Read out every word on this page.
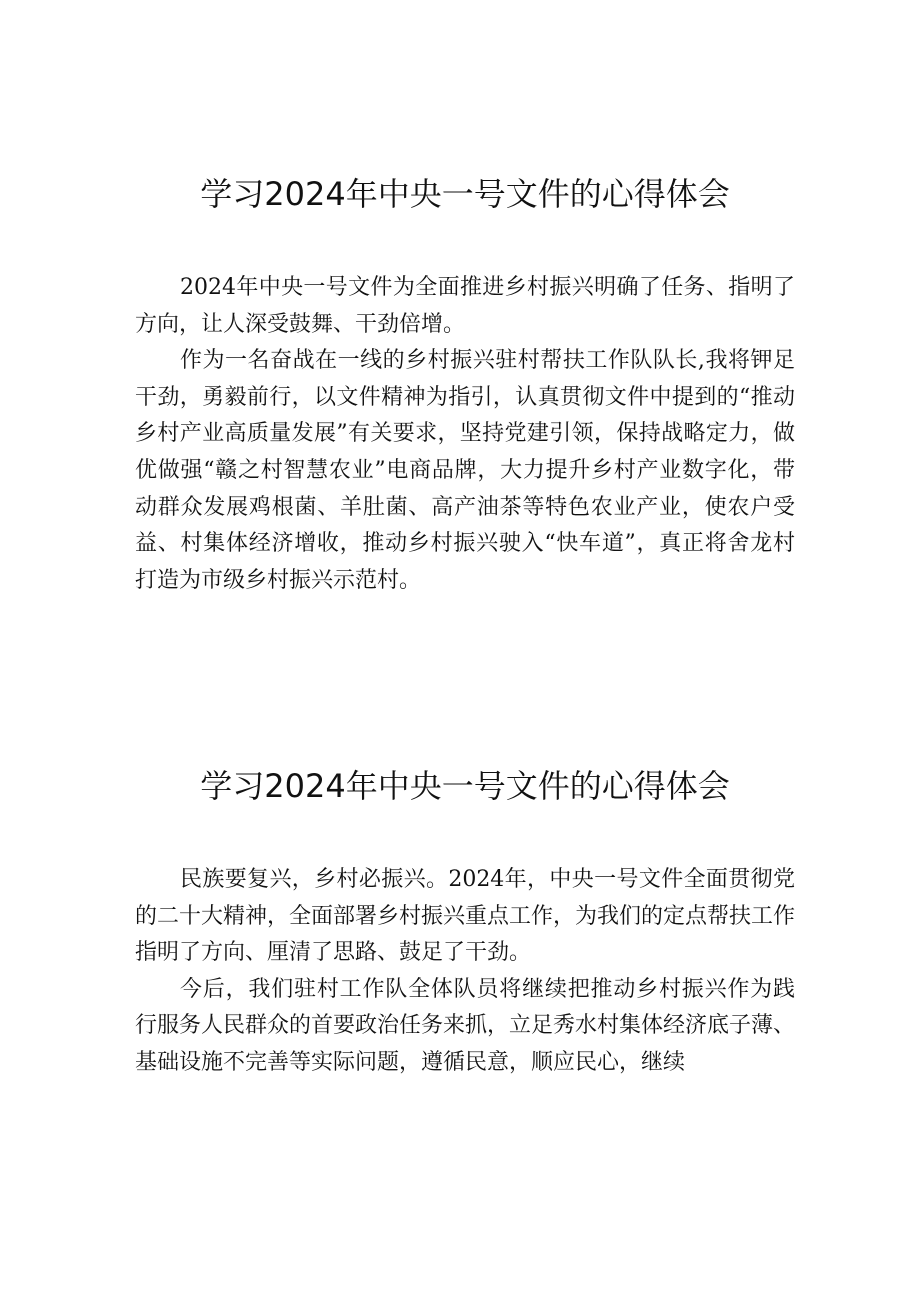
学习2024年中央一号文件的心得体会

2024年中央一号文件为全面推进乡村振兴明确了任务、指明了方向，让人深受鼓舞、干劲倍增。

作为一名奋战在一线的乡村振兴驻村帮扶工作队队长,我将钾足干劲，勇毅前行，以文件精神为指引，认真贯彻文件中提到的“推动乡村产业高质量发展”有关要求，坚持党建引领，保持战略定力，做优做强“赣之村智慧农业”电商品牌，大力提升乡村产业数字化，带动群众发展鸡根菌、羊肚菌、高产油茶等特色农业产业，使农户受益、村集体经济增收，推动乡村振兴驶入“快车道”，真正将舍龙村打造为市级乡村振兴示范村。

学习2024年中央一号文件的心得体会

民族要复兴，乡村必振兴。2024年，中央一号文件全面贯彻党的二十大精神，全面部署乡村振兴重点工作，为我们的定点帮扶工作指明了方向、厘清了思路、鼓足了干劲。

今后，我们驻村工作队全体队员将继续把推动乡村振兴作为践行服务人民群众的首要政治任务来抓，立足秀水村集体经济底子薄、基础设施不完善等实际问题，遵循民意，顺应民心，继续
